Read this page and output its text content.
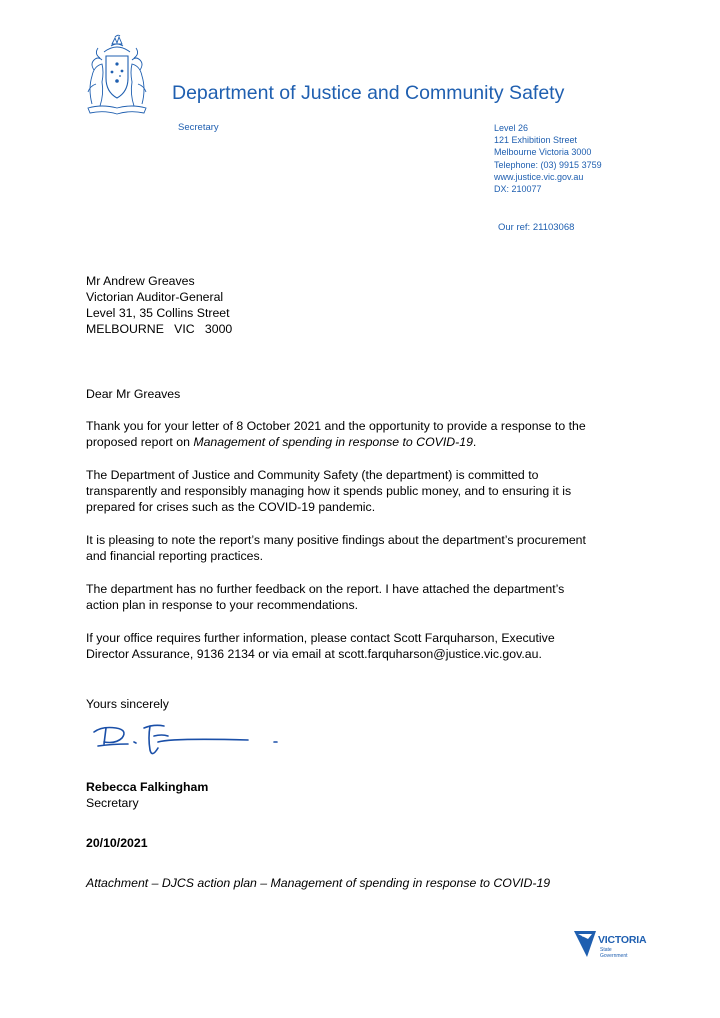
Department of Justice and Community Safety
Secretary	Level 26
121 Exhibition Street
Melbourne Victoria 3000
Telephone: (03) 9915 3759
www.justice.vic.gov.au
DX: 210077
Our ref: 21103068
Mr Andrew Greaves
Victorian Auditor-General
Level 31, 35 Collins Street
MELBOURNE   VIC   3000
Dear Mr Greaves

Thank you for your letter of 8 October 2021 and the opportunity to provide a response to the
proposed report on Management of spending in response to COVID-19.

The Department of Justice and Community Safety (the department) is committed to
transparently and responsibly managing how it spends public money, and to ensuring it is
prepared for crises such as the COVID-19 pandemic.

It is pleasing to note the report’s many positive findings about the department’s procurement
and financial reporting practices.

The department has no further feedback on the report. I have attached the department’s
action plan in response to your recommendations.

If your office requires further information, please contact Scott Farquharson, Executive
Director Assurance, 9136 2134 or via email at scott.farquharson@justice.vic.gov.au.

Yours sincerely
Rebecca Falkingham
Secretary
20/10/2021
Attachment – DJCS action plan – Management of spending in response to COVID-19
VICTORIA
State Government
